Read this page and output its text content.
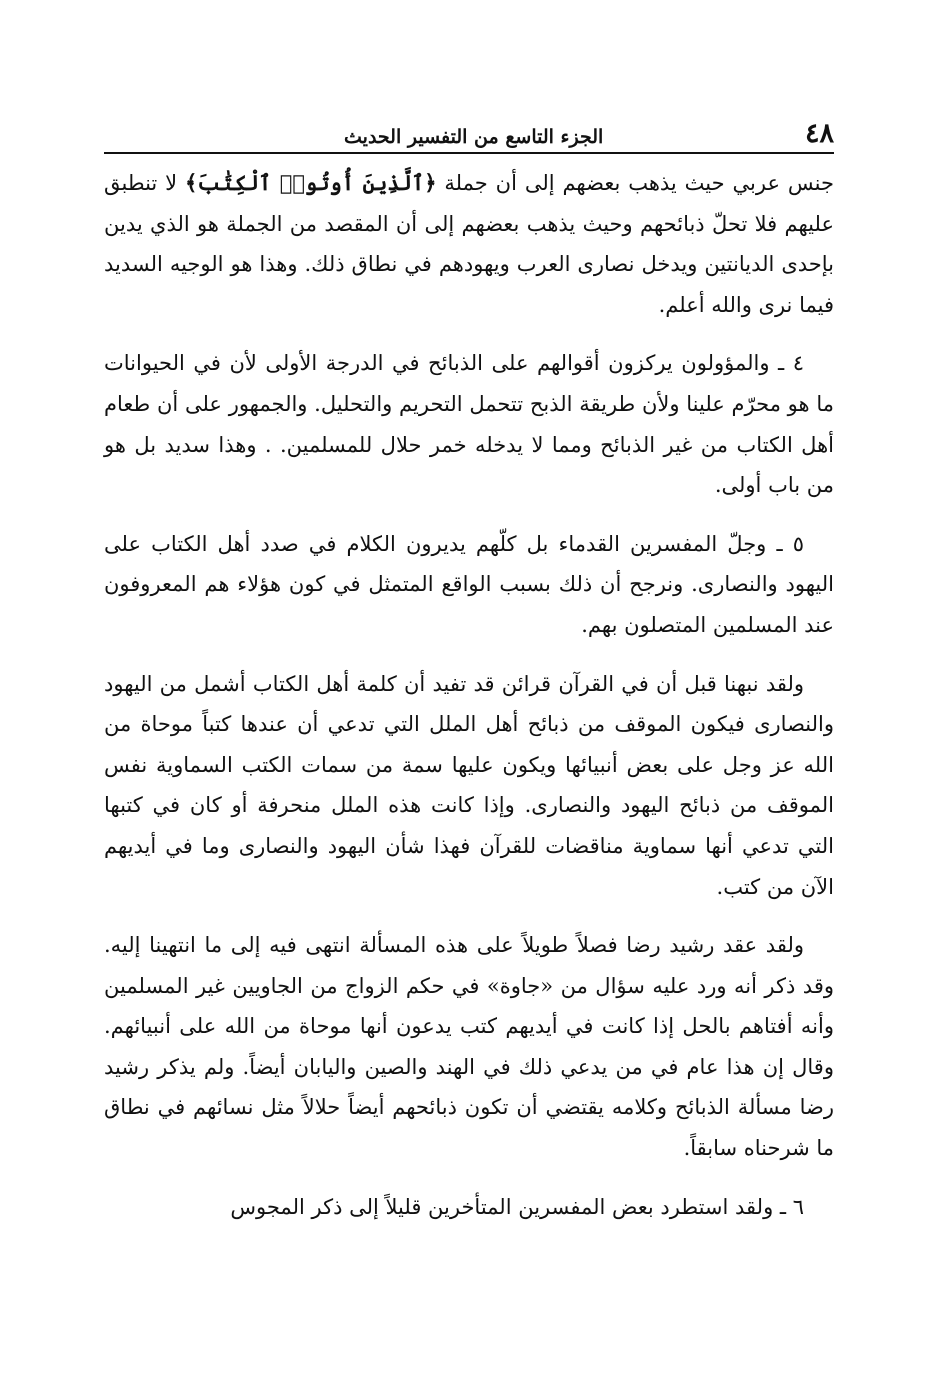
٤٨
الجزء التاسع من التفسير الحديث

جنس عربي حيث يذهب بعضهم إلى أن جملة ﴿ٱلَّذِينَ أُوتُوا۟ ٱلْكِتَٰبَ﴾ لا تنطبق عليهم فلا تحلّ ذبائحهم وحيث يذهب بعضهم إلى أن المقصد من الجملة هو الذي يدين بإحدى الديانتين ويدخل نصارى العرب ويهودهم في نطاق ذلك. وهذا هو الوجيه السديد فيما نرى والله أعلم.

٤ ـ والمؤولون يركزون أقوالهم على الذبائح في الدرجة الأولى لأن في الحيوانات ما هو محرّم علينا ولأن طريقة الذبح تتحمل التحريم والتحليل. والجمهور على أن طعام أهل الكتاب من غير الذبائح ومما لا يدخله خمر حلال للمسلمين. . وهذا سديد بل هو من باب أولى.

٥ ـ وجلّ المفسرين القدماء بل كلّهم يديرون الكلام في صدد أهل الكتاب على اليهود والنصارى. ونرجح أن ذلك بسبب الواقع المتمثل في كون هؤلاء هم المعروفون عند المسلمين المتصلون بهم.

ولقد نبهنا قبل أن في القرآن قرائن قد تفيد أن كلمة أهل الكتاب أشمل من اليهود والنصارى فيكون الموقف من ذبائح أهل الملل التي تدعي أن عندها كتباً موحاة من الله عز وجل على بعض أنبيائها ويكون عليها سمة من سمات الكتب السماوية نفس الموقف من ذبائح اليهود والنصارى. وإذا كانت هذه الملل منحرفة أو كان في كتبها التي تدعي أنها سماوية مناقضات للقرآن فهذا شأن اليهود والنصارى وما في أيديهم الآن من كتب.

ولقد عقد رشيد رضا فصلاً طويلاً على هذه المسألة انتهى فيه إلى ما انتهينا إليه. وقد ذكر أنه ورد عليه سؤال من «جاوة» في حكم الزواج من الجاويين غير المسلمين وأنه أفتاهم بالحل إذا كانت في أيديهم كتب يدعون أنها موحاة من الله على أنبيائهم. وقال إن هذا عام في من يدعي ذلك في الهند والصين واليابان أيضاً. ولم يذكر رشيد رضا مسألة الذبائح وكلامه يقتضي أن تكون ذبائحهم أيضاً حلالاً مثل نسائهم في نطاق ما شرحناه سابقاً.

٦ ـ ولقد استطرد بعض المفسرين المتأخرين قليلاً إلى ذكر المجوس
